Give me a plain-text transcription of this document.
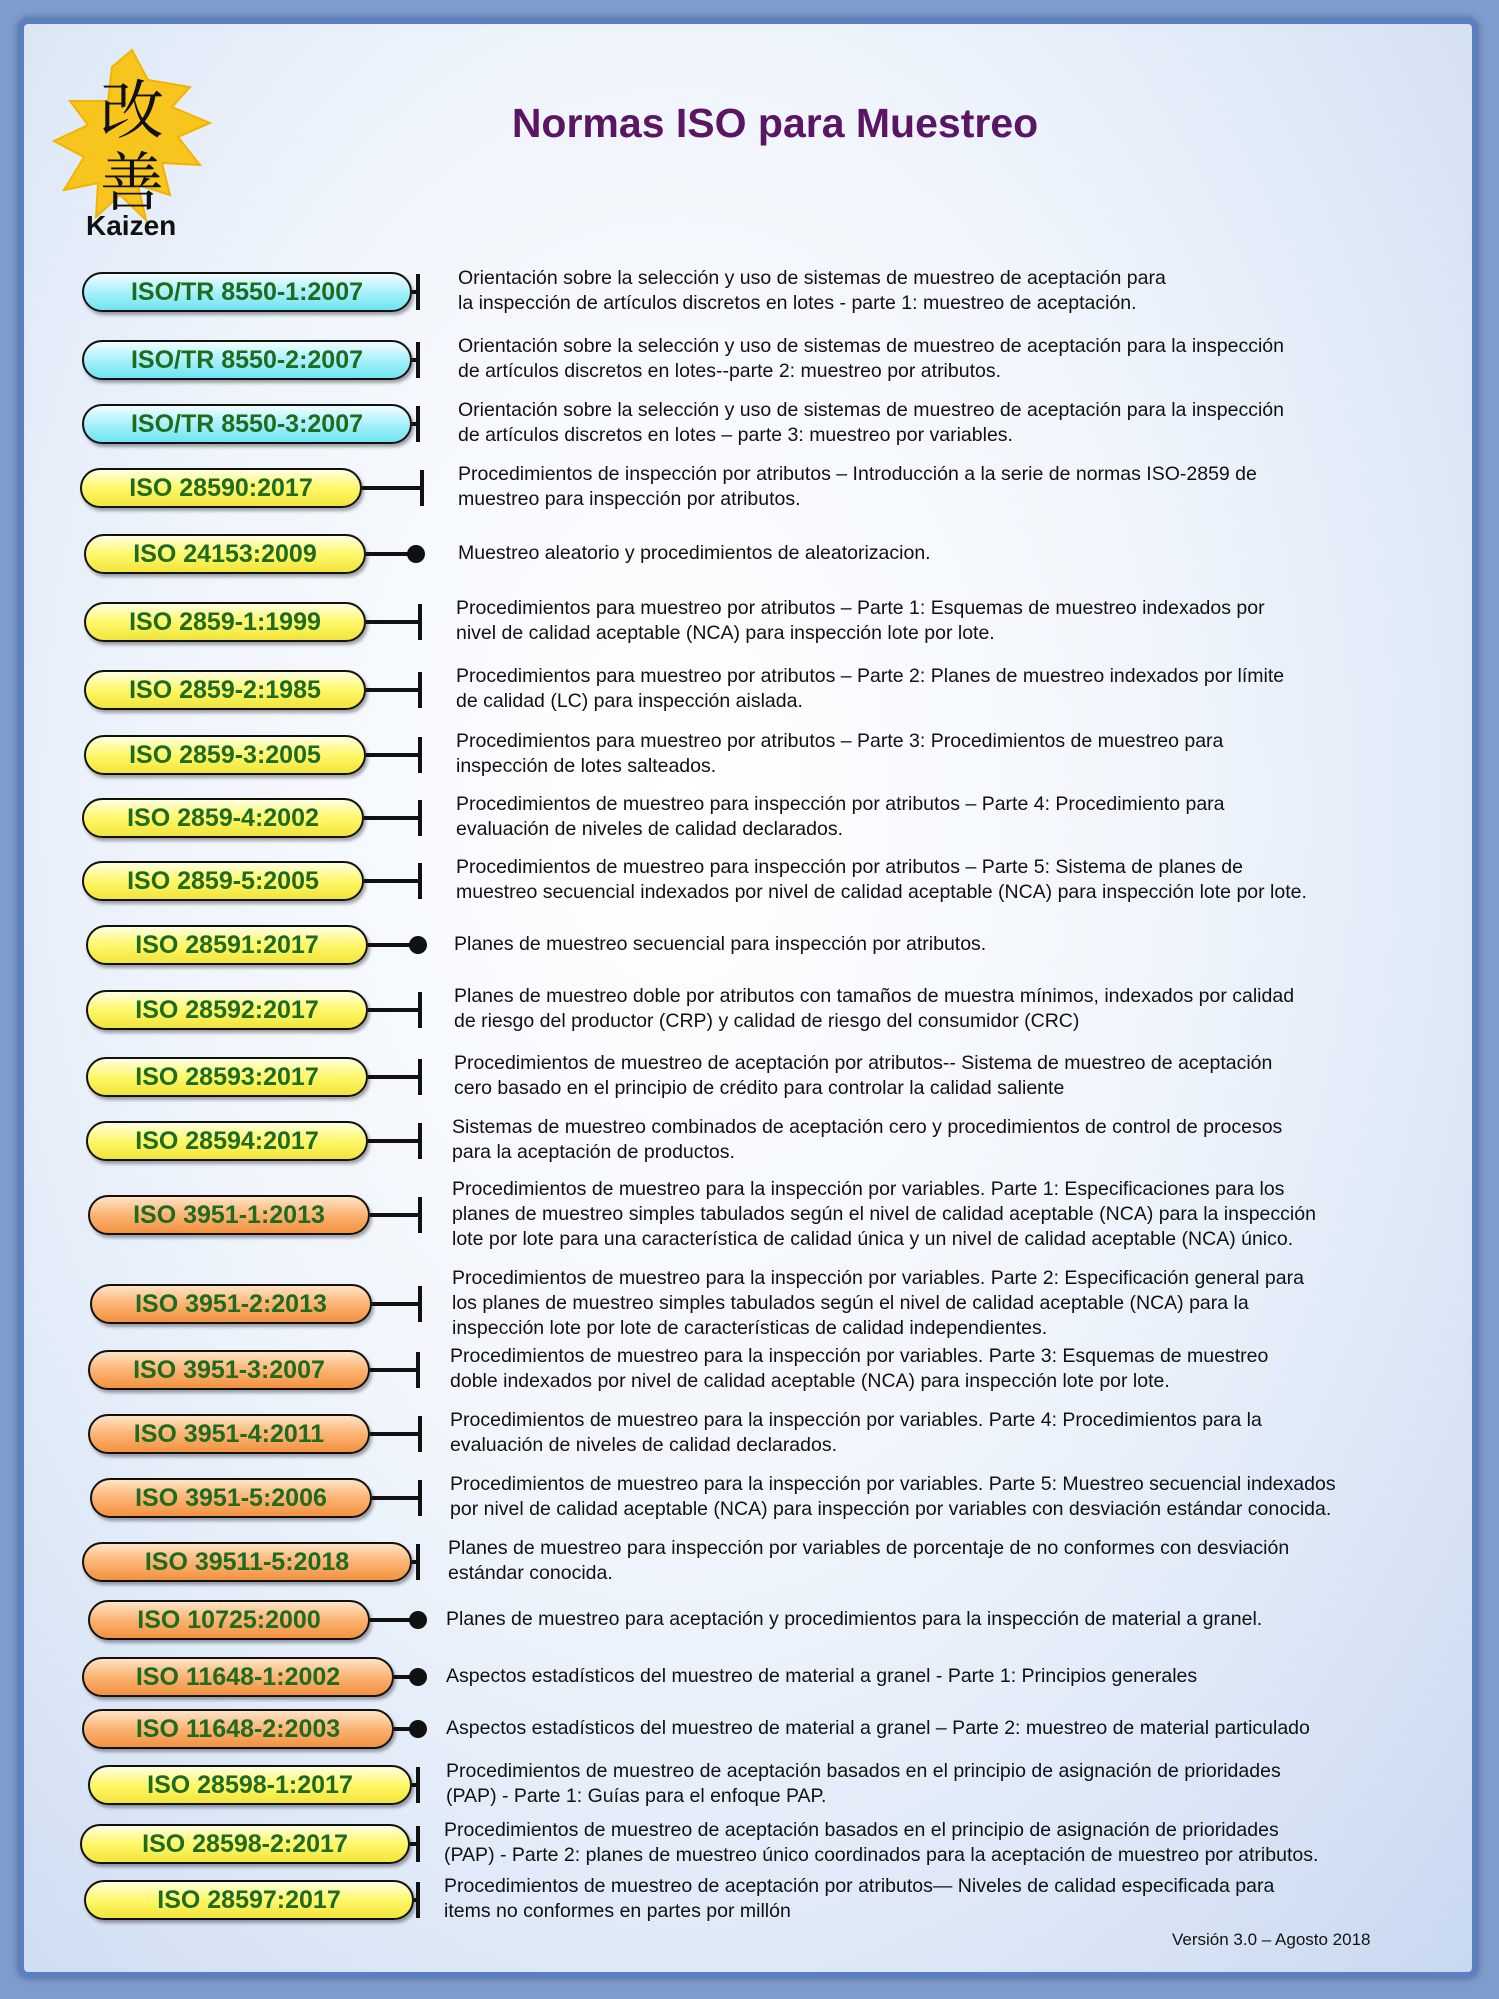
改
善
Kaizen
Normas ISO para Muestreo
ISO/TR 8550-1:2007	Orientación sobre la selección y uso de sistemas de muestreo de aceptación para
la inspección de artículos discretos en lotes - parte 1: muestreo de aceptación.
ISO/TR 8550-2:2007	Orientación sobre la selección y uso de sistemas de muestreo de aceptación para la inspección
de artículos discretos en lotes--parte 2: muestreo por atributos.
ISO/TR 8550-3:2007	Orientación sobre la selección y uso de sistemas de muestreo de aceptación para la inspección
de artículos discretos en lotes – parte 3: muestreo por variables.
ISO 28590:2017	Procedimientos de inspección por atributos – Introducción a la serie de normas ISO-2859 de
muestreo para inspección por atributos.
ISO 24153:2009	Muestreo aleatorio y procedimientos de aleatorizacion.
ISO 2859-1:1999	Procedimientos para muestreo por atributos – Parte 1: Esquemas de muestreo indexados por
nivel de calidad aceptable (NCA) para inspección lote por lote.
ISO 2859-2:1985	Procedimientos para muestreo por atributos – Parte 2: Planes de muestreo indexados por límite
de calidad (LC) para inspección aislada.
ISO 2859-3:2005	Procedimientos para muestreo por atributos – Parte 3: Procedimientos de muestreo para
inspección de lotes salteados.
ISO 2859-4:2002	Procedimientos de muestreo para inspección por atributos – Parte 4: Procedimiento para
evaluación de niveles de calidad declarados.
ISO 2859-5:2005	Procedimientos de muestreo para inspección por atributos – Parte 5: Sistema de planes de
muestreo secuencial indexados por nivel de calidad aceptable (NCA) para inspección lote por lote.
ISO 28591:2017	Planes de muestreo secuencial para inspección por atributos.
ISO 28592:2017	Planes de muestreo doble por atributos con tamaños de muestra mínimos, indexados por calidad
de riesgo del productor (CRP) y calidad de riesgo del consumidor (CRC)
ISO 28593:2017	Procedimientos de muestreo de aceptación por atributos-- Sistema de muestreo de aceptación
cero basado en el principio de crédito para controlar la calidad saliente
ISO 28594:2017	Sistemas de muestreo combinados de aceptación cero y procedimientos de control de procesos
para la aceptación de productos.
ISO 3951-1:2013
Procedimientos de muestreo para la inspección por variables. Parte 1: Especificaciones para los
planes de muestreo simples tabulados según el nivel de calidad aceptable (NCA) para la inspección
lote por lote para una característica de calidad única y un nivel de calidad aceptable (NCA) único.
ISO 3951-2:2013
Procedimientos de muestreo para la inspección por variables. Parte 2: Especificación general para
los planes de muestreo simples tabulados según el nivel de calidad aceptable (NCA) para la
inspección lote por lote de características de calidad independientes.
ISO 3951-3:2007	Procedimientos de muestreo para la inspección por variables. Parte 3: Esquemas de muestreo
doble indexados por nivel de calidad aceptable (NCA) para inspección lote por lote.
ISO 3951-4:2011	Procedimientos de muestreo para la inspección por variables. Parte 4: Procedimientos para la
evaluación de niveles de calidad declarados.
ISO 3951-5:2006	Procedimientos de muestreo para la inspección por variables. Parte 5: Muestreo secuencial indexados
por nivel de calidad aceptable (NCA) para inspección por variables con desviación estándar conocida.
ISO 39511-5:2018	Planes de muestreo para inspección por variables de porcentaje de no conformes con desviación
estándar conocida.
ISO 10725:2000	Planes de muestreo para aceptación y procedimientos para la inspección de material a granel.
ISO 11648-1:2002	Aspectos estadísticos del muestreo de material a granel - Parte 1: Principios generales
ISO 11648-2:2003	Aspectos estadísticos del muestreo de material a granel – Parte 2: muestreo de material particulado
ISO 28598-1:2017	Procedimientos de muestreo de aceptación basados en el principio de asignación de prioridades
(PAP) - Parte 1: Guías para el enfoque PAP.
ISO 28598-2:2017	Procedimientos de muestreo de aceptación basados en el principio de asignación de prioridades
(PAP) - Parte 2: planes de muestreo único coordinados para la aceptación de muestreo por atributos.
ISO 28597:2017	Procedimientos de muestreo de aceptación por atributos— Niveles de calidad especificada para
items no conformes en partes por millón
Versión 3.0 – Agosto 2018
